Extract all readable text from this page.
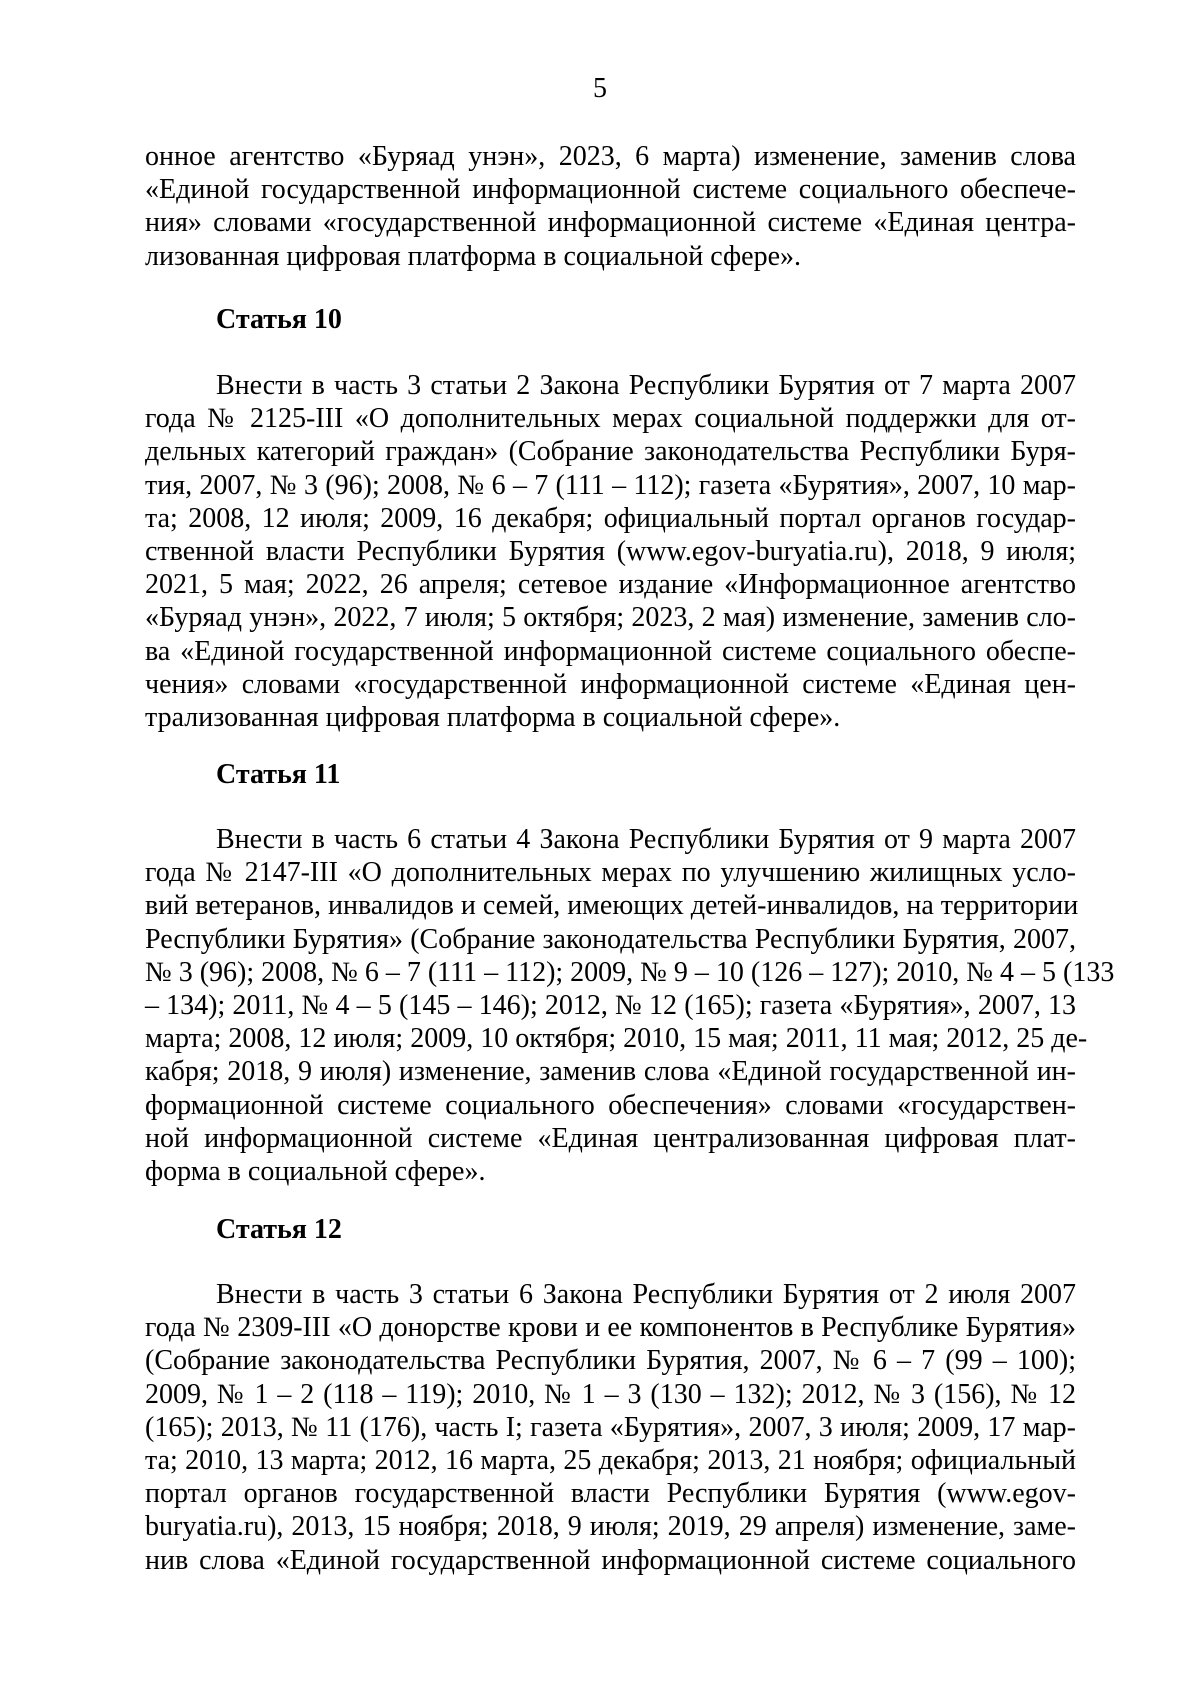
5
онное агентство «Буряад унэн», 2023, 6 марта) изменение, заменив слова
«Единой государственной информационной системе социального обеспече-
ния» словами «государственной информационной системе «Единая центра-
лизованная цифровая платформа в социальной сфере».
Статья 10
Внести в часть 3 статьи 2 Закона Республики Бурятия от 7 марта 2007
года № 2125-III «О дополнительных мерах социальной поддержки для от-
дельных категорий граждан» (Собрание законодательства Республики Буря-
тия, 2007, № 3 (96); 2008, № 6 – 7 (111 – 112); газета «Бурятия», 2007, 10 мар-
та; 2008, 12 июля; 2009, 16 декабря; официальный портал органов государ-
ственной власти Республики Бурятия (www.egov-buryatia.ru), 2018, 9 июля;
2021, 5 мая; 2022, 26 апреля; сетевое издание «Информационное агентство
«Буряад унэн», 2022, 7 июля; 5 октября; 2023, 2 мая) изменение, заменив сло-
ва «Единой государственной информационной системе социального обеспе-
чения» словами «государственной информационной системе «Единая цен-
трализованная цифровая платформа в социальной сфере».
Статья 11
Внести в часть 6 статьи 4 Закона Республики Бурятия от 9 марта 2007
года № 2147-III «О дополнительных мерах по улучшению жилищных усло-
вий ветеранов, инвалидов и семей, имеющих детей-инвалидов, на территории
Республики Бурятия» (Собрание законодательства Республики Бурятия, 2007,
№ 3 (96); 2008, № 6 – 7 (111 – 112); 2009, № 9 – 10 (126 – 127); 2010, № 4 – 5 (133
– 134); 2011, № 4 – 5 (145 – 146); 2012, № 12 (165); газета «Бурятия», 2007, 13
марта; 2008, 12 июля; 2009, 10 октября; 2010, 15 мая; 2011, 11 мая; 2012, 25 де-
кабря; 2018, 9 июля) изменение, заменив слова «Единой государственной ин-
формационной системе социального обеспечения» словами «государствен-
ной информационной системе «Единая централизованная цифровая плат-
форма в социальной сфере».
Статья 12
Внести в часть 3 статьи 6 Закона Республики Бурятия от 2 июля 2007
года № 2309-III «О донорстве крови и ее компонентов в Республике Бурятия»
(Собрание законодательства Республики Бурятия, 2007, № 6 – 7 (99 – 100);
2009, № 1 – 2 (118 – 119); 2010, № 1 – 3 (130 – 132); 2012, № 3 (156), № 12
(165); 2013, № 11 (176), часть I; газета «Бурятия», 2007, 3 июля; 2009, 17 мар-
та; 2010, 13 марта; 2012, 16 марта, 25 декабря; 2013, 21 ноября; официальный
портал органов государственной власти Республики Бурятия (www.egov-
buryatia.ru), 2013, 15 ноября; 2018, 9 июля; 2019, 29 апреля) изменение, заме-
нив слова «Единой государственной информационной системе социального
